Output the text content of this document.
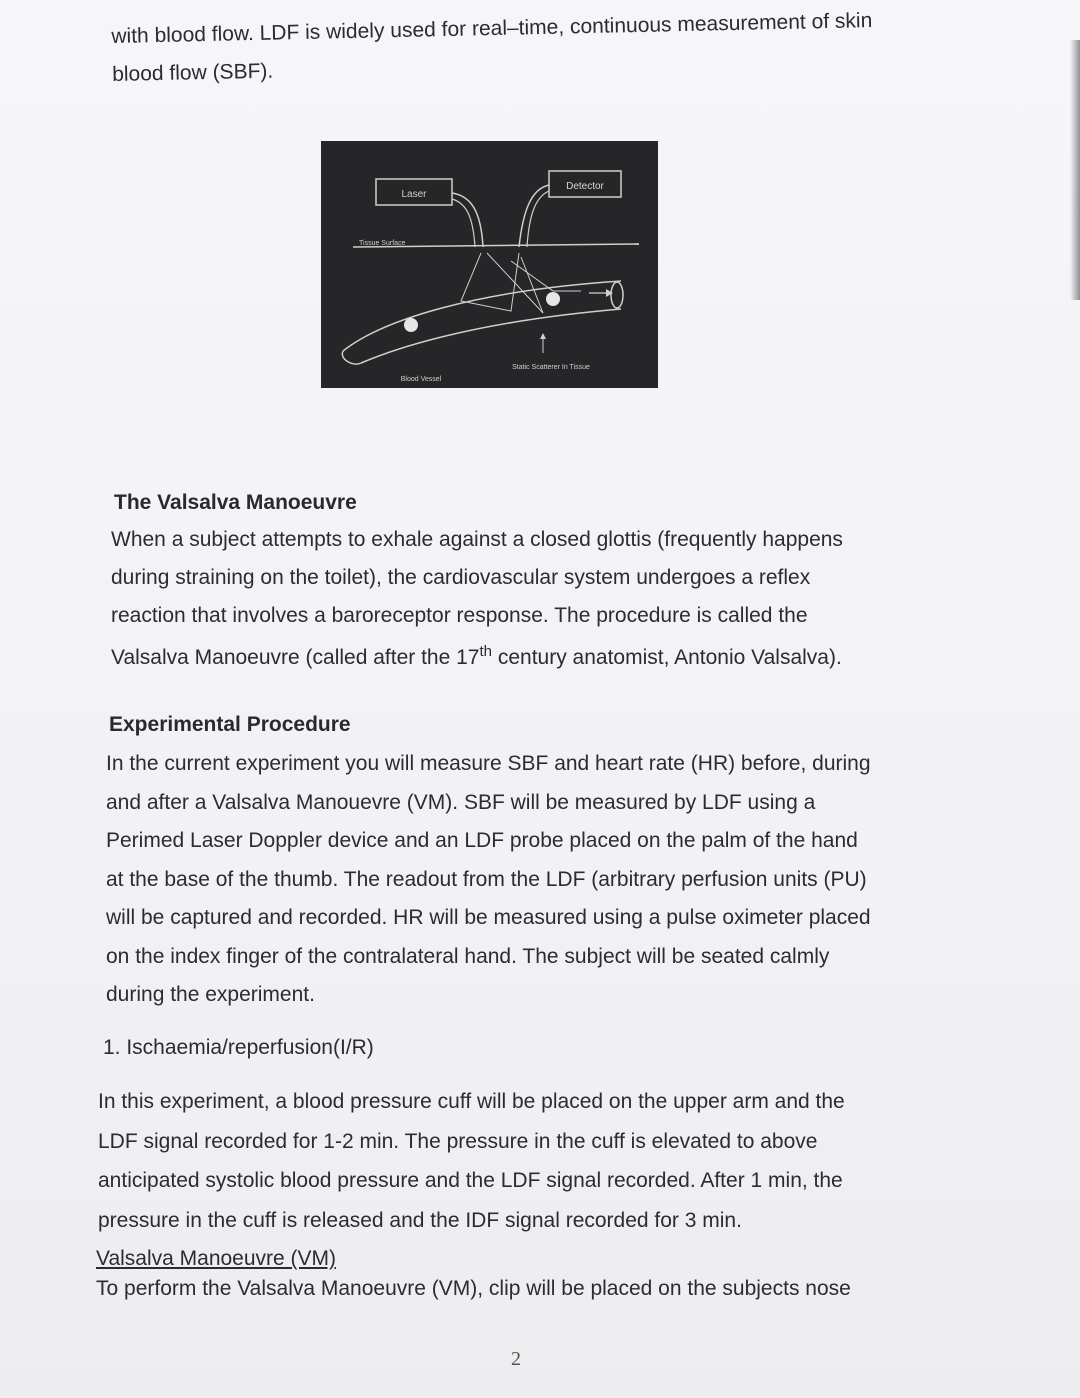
with blood flow. LDF is widely used for real–time, continuous measurement of skin
blood flow (SBF).
Laser
Detector
Tissue Surface
Static Scatterer In Tissue
Blood Vessel
The Valsalva Manoeuvre
When a subject attempts to exhale against a closed glottis (frequently happens
during straining on the toilet), the cardiovascular system undergoes a reflex
reaction that involves a baroreceptor response. The procedure is called the
Valsalva Manoeuvre (called after the 17th century anatomist, Antonio Valsalva).
Experimental Procedure
In the current experiment you will measure SBF and heart rate (HR) before, during
and after a Valsalva Manouevre (VM). SBF will be measured by LDF using a
Perimed Laser Doppler device and an LDF probe placed on the palm of the hand
at the base of the thumb. The readout from the LDF (arbitrary perfusion units (PU)
will be captured and recorded. HR will be measured using a pulse oximeter placed
on the index finger of the contralateral hand. The subject will be seated calmly
during the experiment.
1. Ischaemia/reperfusion(I/R)
In this experiment, a blood pressure cuff will be placed on the upper arm and the
LDF signal recorded for 1-2 min. The pressure in the cuff is elevated to above
anticipated systolic blood pressure and the LDF signal recorded. After 1 min, the
pressure in the cuff is released and the IDF signal recorded for 3 min.
Valsalva Manoeuvre (VM)
To perform the Valsalva Manoeuvre (VM), clip will be placed on the subjects nose
2
